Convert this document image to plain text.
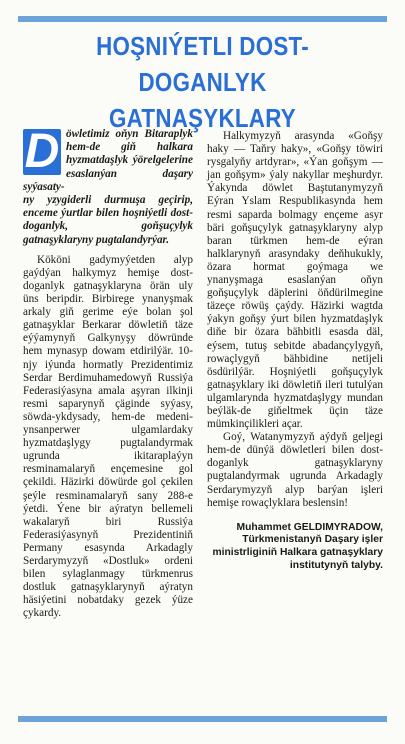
HOŞNIÝETLI DOST-DOGANLYK GATNAŞYKLARY

D öwletimiz oňyn Bitaraplyk hem-de giň halkara hyzmatdaşlyk ýörelgelerine esaslanýan daşary syýasaty-
ny yzygiderli durmuşa geçirip, enceme ýurtlar bilen hoşniýetli dost-doganlyk, goňşuçylyk gatnaşyklaryny pugtalandyrýar.

Kököni gadymyýetden alyp gaýdýan halkymyz hemişe dost-doganlyk gatnaşyklaryna örän uly üns beripdir. Birbirege ynanyşmak arkaly giň gerime eýe bolan şol gatnaşyklar Berkarar döwletiň täze eýýamynyň Galkynyşy döwründe hem mynasyp dowam etdirilýär. 10-njy iýunda hormatly Prezidentimiz Serdar Berdimuhamedowyň Russiýa Federasiýasyna amala aşyran ilkinji resmi saparynyň çäginde syýasy, söwda-ykdysady, hem-de medeni-ynsanperwer ulgamlardaky hyzmatdaşlygy pugtalandyrmak ugrunda ikitaraplaýyn resminamalaryň ençemesine gol çekildi. Häzirki döwürde gol çekilen şeýle resminamalaryň sany 288-e ýetdi. Ýene bir aýratyn bellemeli wakalaryň biri Russiýa Federasiýasynyň Prezidentiniň Permany esasynda Arkadagly Serdarymyzyň «Dostluk» ordeni bilen sylaglanmagy türkmenrus dostluk gatnaşyklarynyň aýratyn häsiýetini nobatdaky gezek ýüze çykardy.

Halkymyzyň arasynda «Goňşy haky — Taňry haky», «Goňşy töwiri rysgalyňy artdyrar», «Ýan goňşym — jan goňşym» ýaly nakyllar meşhurdyr. Ýakynda döwlet Baştutanymyzyň Eýran Yslam Respublikasynda hem resmi saparda bolmagy ençeme asyr bäri goňşuçylyk gatnaşyklaryny alyp baran türkmen hem-de eýran halklarynyň arasyndaky deňhukukly, özara hormat goýmaga we ynanyşmaga esaslanýan oňyn goňşuçylyk däplerini öňdürilmegine täzeçe röwüş çaýdy. Häzirki wagtda ýakyn goňşy ýurt bilen hyzmatdaşlyk diňe bir özara bähbitli esasda däl, eýsem, tutuş sebitde abadançylygyň, rowaçlygyň bähbidine netijeli ösdürilýär. Hoşniýetli goňşuçylyk gatnaşyklary iki döwletiň ileri tutulýan ulgamlarynda hyzmatdaşlygy mundan beýläk-de giňeltmek üçin täze mümkinçilikleri açar.

Goý, Watanymyzyň aýdyň geljegi hem-de dünýä döwletleri bilen dost-doganlyk gatnaşyklaryny pugtalandyrmak ugrunda Arkadagly Serdarymyzyň alyp barýan işleri hemişe rowaçlyklara beslensin!

Muhammet GELDIMYRADOW,
Türkmenistanyň Daşary işler
ministrliginiň Halkara gatnaşyklary
institutynyň talyby.
